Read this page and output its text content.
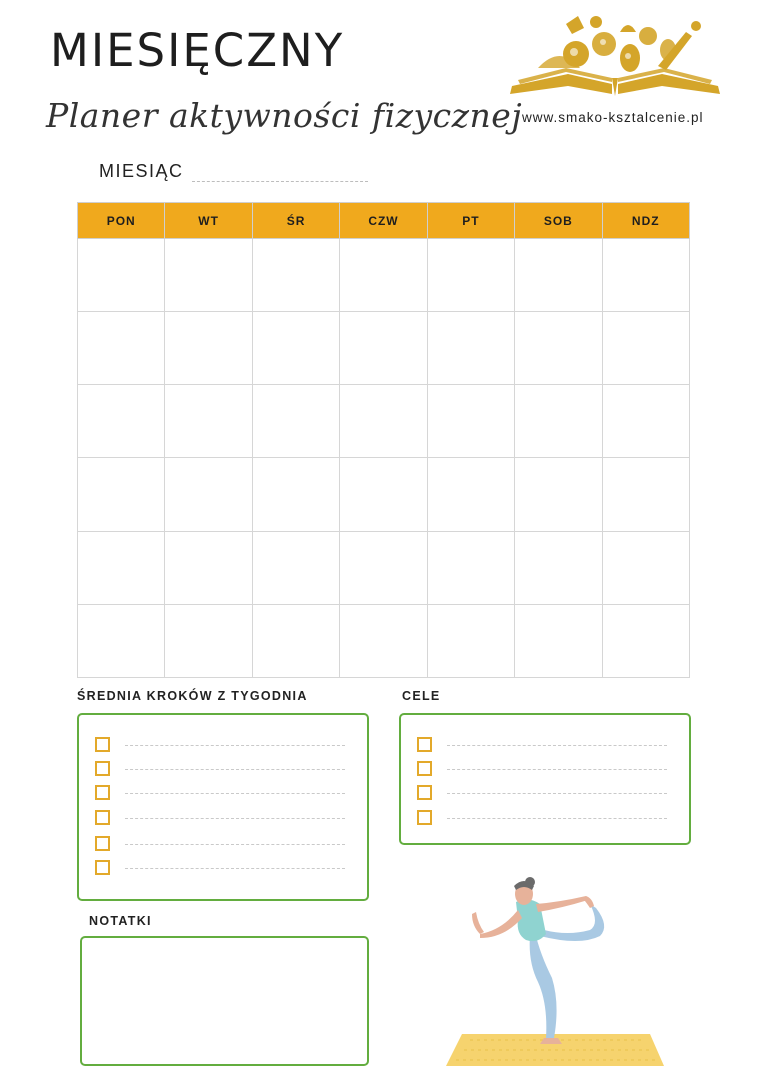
MIESIĘCZNY
Planer aktywności fizycznej www.smako-ksztalcenie.pl
MIESIĄC
PON	WT	ŚR	CZW	PT	SOB	NDZ

ŚREDNIA KROKÓW Z TYGODNIA	CELE
NOTATKI
